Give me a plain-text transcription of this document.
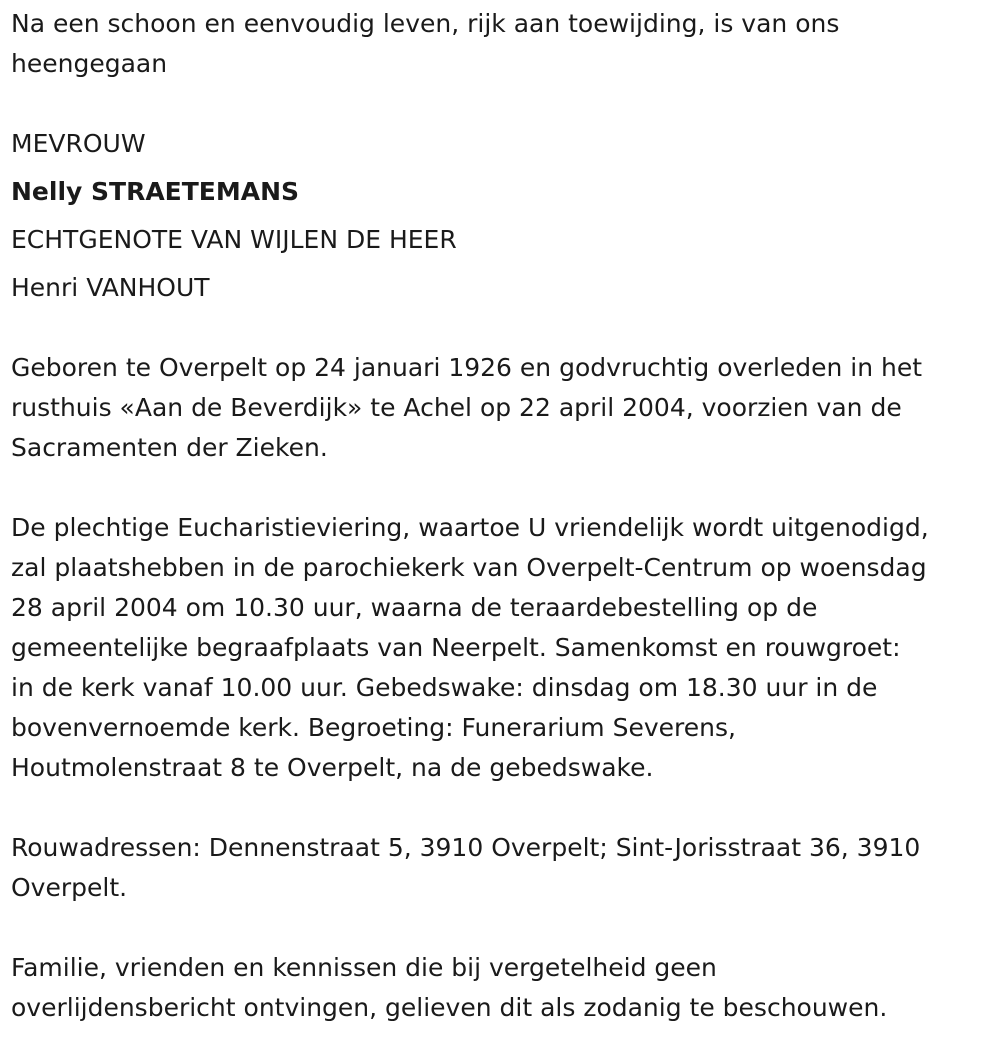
Na een schoon en eenvoudig leven, rijk aan toewijding, is van ons
heengegaan

MEVROUW

Nelly STRAETEMANS

ECHTGENOTE VAN WIJLEN DE HEER

Henri VANHOUT

Geboren te Overpelt op 24 januari 1926 en godvruchtig overleden in het
rusthuis «Aan de Beverdijk» te Achel op 22 april 2004, voorzien van de
Sacramenten der Zieken.

De plechtige Eucharistieviering, waartoe U vriendelijk wordt uitgenodigd,
zal plaatshebben in de parochiekerk van Overpelt-Centrum op woensdag
28 april 2004 om 10.30 uur, waarna de teraardebestelling op de
gemeentelijke begraafplaats van Neerpelt. Samenkomst en rouwgroet:
in de kerk vanaf 10.00 uur. Gebedswake: dinsdag om 18.30 uur in de
bovenvernoemde kerk. Begroeting: Funerarium Severens,
Houtmolenstraat 8 te Overpelt, na de gebedswake.

Rouwadressen: Dennenstraat 5, 3910 Overpelt; Sint-Jorisstraat 36, 3910
Overpelt.

Familie, vrienden en kennissen die bij vergetelheid geen
overlijdensbericht ontvingen, gelieven dit als zodanig te beschouwen.
